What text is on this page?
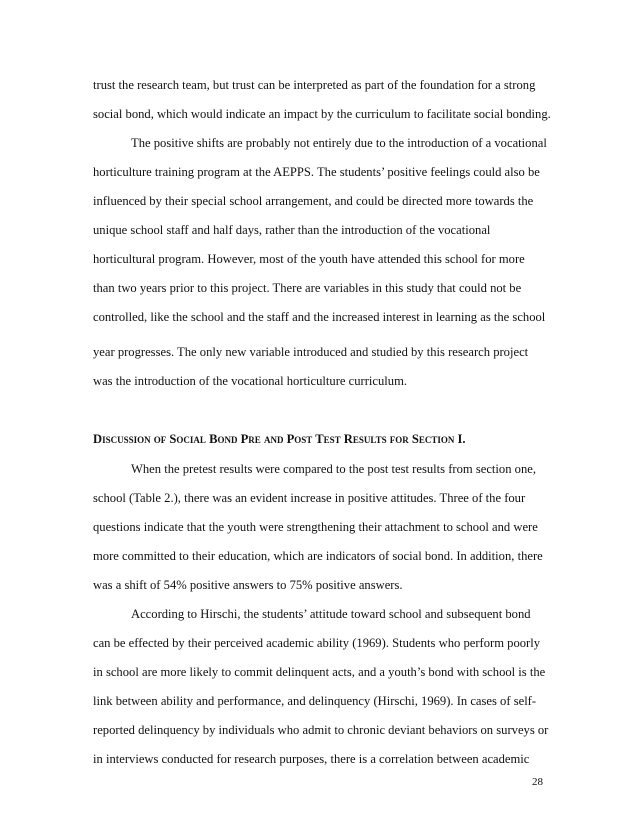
trust the research team, but trust can be interpreted as part of the foundation for a strong
social bond, which would indicate an impact by the curriculum to facilitate social bonding.
The positive shifts are probably not entirely due to the introduction of a vocational
horticulture training program at the AEPPS. The students’ positive feelings could also be
influenced by their special school arrangement, and could be directed more towards the
unique school staff and half days, rather than the introduction of the vocational
horticultural program. However, most of the youth have attended this school for more
than two years prior to this project. There are variables in this study that could not be
controlled, like the school and the staff and the increased interest in learning as the school
year progresses. The only new variable introduced and studied by this research project
was the introduction of the vocational horticulture curriculum.
Discussion of Social Bond Pre and Post Test Results for Section I.
When the pretest results were compared to the post test results from section one,
school (Table 2.), there was an evident increase in positive attitudes. Three of the four
questions indicate that the youth were strengthening their attachment to school and were
more committed to their education, which are indicators of social bond. In addition, there
was a shift of 54% positive answers to 75% positive answers.
According to Hirschi, the students’ attitude toward school and subsequent bond
can be effected by their perceived academic ability (1969). Students who perform poorly
in school are more likely to commit delinquent acts, and a youth’s bond with school is the
link between ability and performance, and delinquency (Hirschi, 1969). In cases of self-
reported delinquency by individuals who admit to chronic deviant behaviors on surveys or
in interviews conducted for research purposes, there is a correlation between academic
28
